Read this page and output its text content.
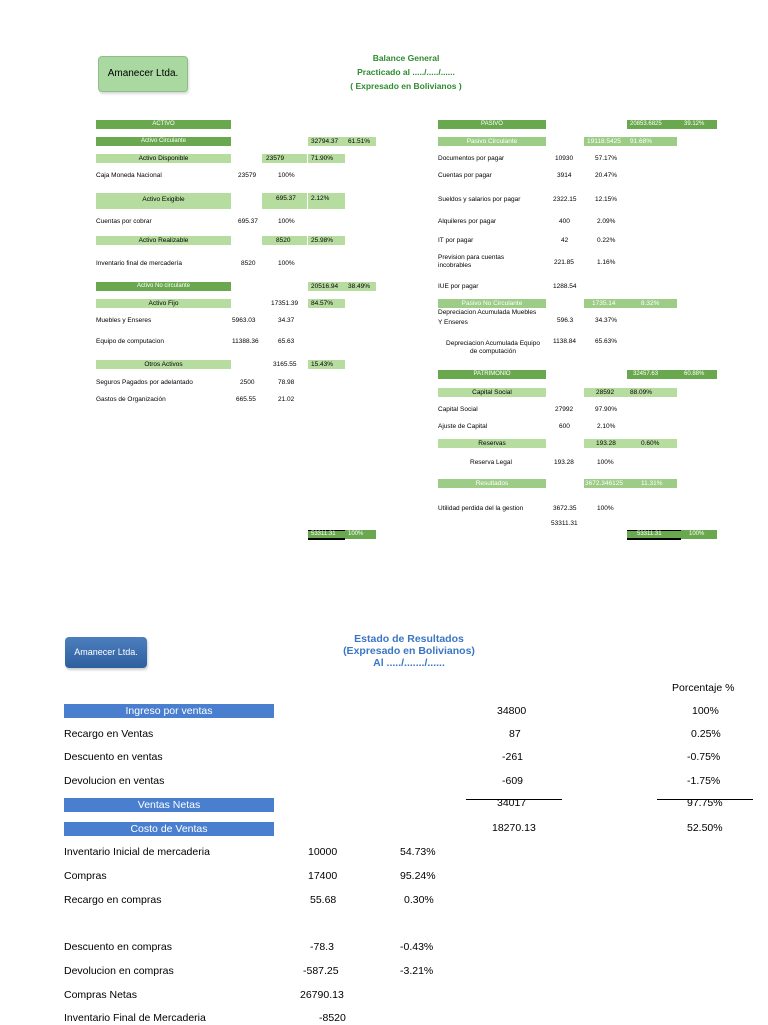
Amanecer Ltda.
Balance General
Practicado al ...../...../......
( Expresado en Bolivianos )
ACTIVO
Activo Circulante	32794.37	61.51%
Activo Disponible	23579	71.90%
Caja Moneda Nacional	23579	100%
Activo Exigible	695.37	2.12%
Cuentas por cobrar	695.37	100%
Activo Realizable	8520	25.98%
Inventario final de mercadería	8520	100%
Activo No circulante	20516.94	38.49%
Activo Fijo	17351.39	84.57%
Muebles y Enseres	5963.03	34.37
Equipo de computacion	11388.36	65.63
Otros Activos	3165.55	15.43%
Seguros Pagados por adelantado	2500	78.98
Gastos de Organización	665.55	21.02
TOTAL ACTIVO	Bs	53311.31	100%
PASIVO	20853.6825	39.12%
Pasivo Circulante	19118.5425	91.68%
Documentos por pagar	10930	57.17%
Cuentas por pagar	3914	20.47%
Sueldos y salarios por pagar	2322.15	12.15%
Alquileres por pagar	400	2.09%
IT por pagar	42	0.22%
Prevision para cuentas
incobrables	221.85	1.16%
IUE por pagar	1288.54
Pasivo No Circulante	1735.14	8.32%
Depreciacion Acumulada Muebles
Y Enseres	596.3	34.37%
Depreciacion Acumulada Equipo
de computación
1138.84	65.63%
PATRIMONIO	32457.63	60.88%
Capital Social	28592	88.09%
Capital Social	27992	97.90%
Ajuste de Capital	600	2.10%
Reservas	193.28	0.60%
Reserva Legal	193.28	100%
Resultados	3672.346125	11.31%
Utilidad perdida del la gestion	3672.35	100%
53311.31
TOTAL PATRIMONIO + PASIVO	BS	53311.31	100%
Amanecer Ltda.
Estado de Resultados
(Expresado en Bolivianos)
Al ...../......./......
Porcentaje %
Ingreso por ventas	34800	100%
Recargo en Ventas	87	0.25%
Descuento en ventas	-261	-0.75%
Devolucion en ventas	-609	-1.75%
Ventas Netas	34017	97.75%
Costo de Ventas	18270.13	52.50%
Inventario Inicial de mercaderia	10000	54.73%
Compras	17400	95.24%
Recargo en compras	55.68	0.30%
Descuento en compras	-78.3	-0.43%
Devolucion en compras	-587.25	-3.21%
Compras Netas	26790.13
Inventario Final de Mercaderia	-8520
